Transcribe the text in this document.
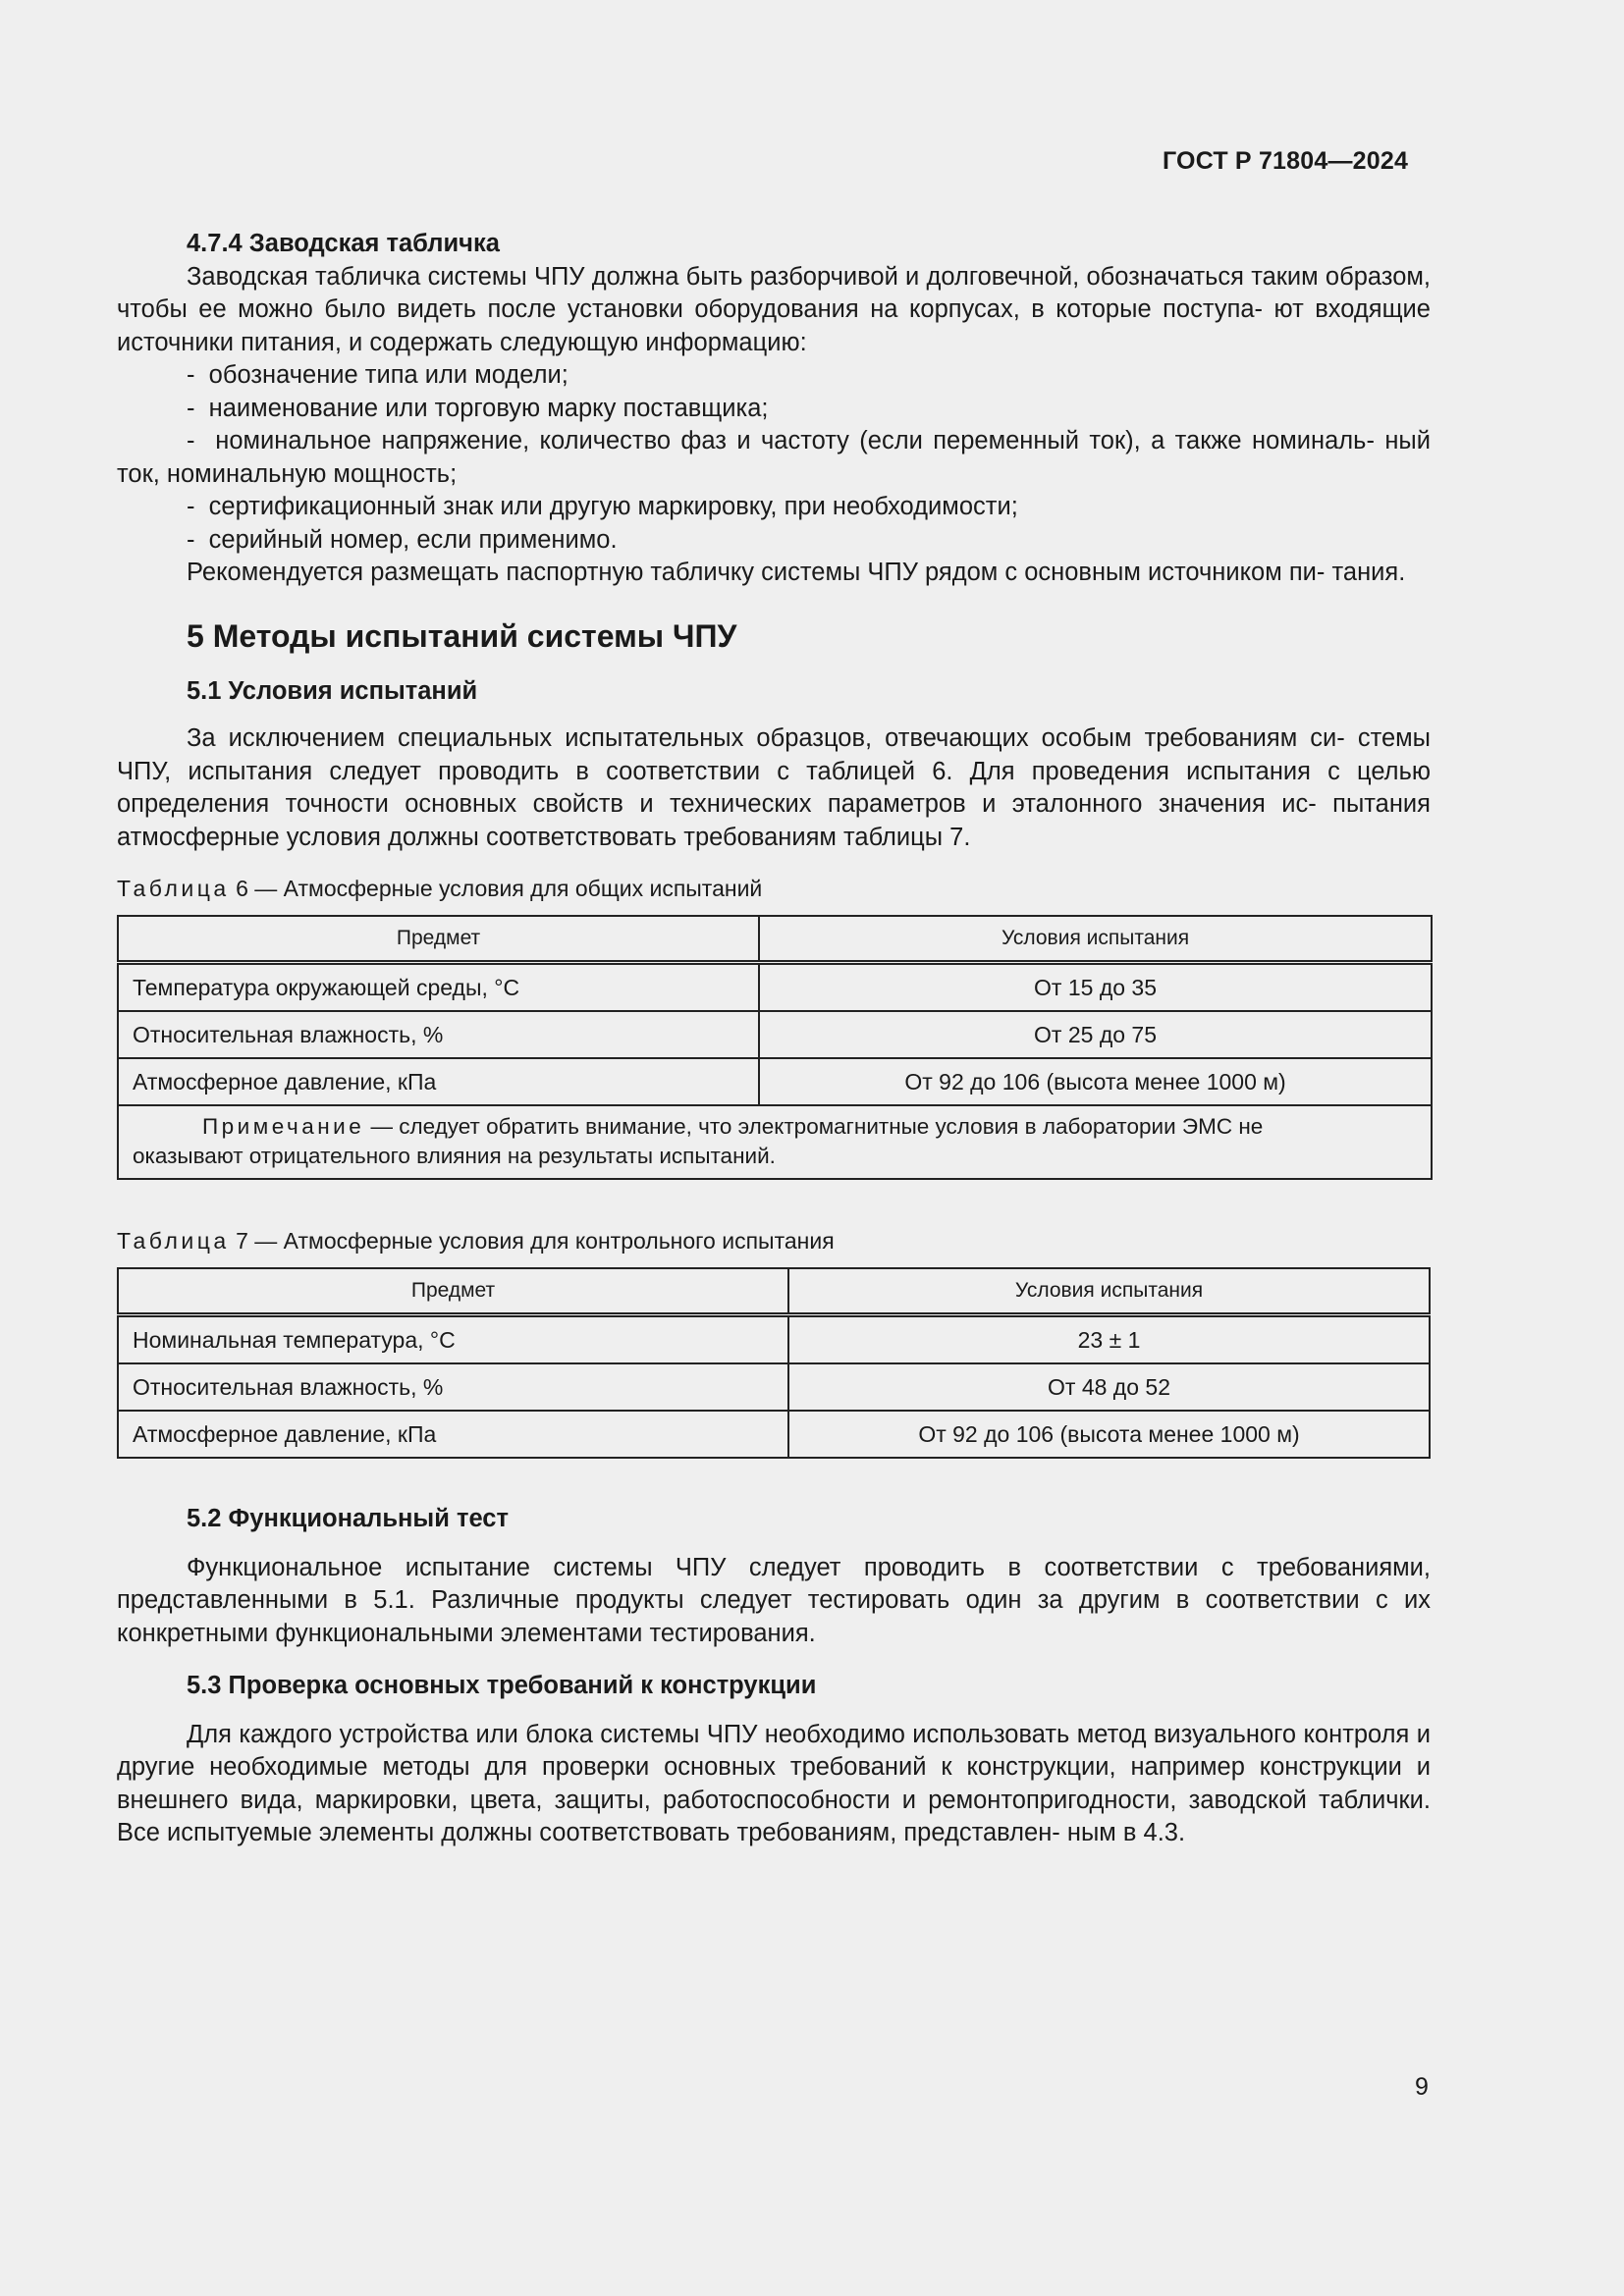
ГОСТ Р 71804—2024
4.7.4 Заводская табличка

Заводская табличка системы ЧПУ должна быть разборчивой и долговечной, обозначаться таким образом, чтобы ее можно было видеть после установки оборудования на корпусах, в которые поступа- ют входящие источники питания, и содержать следующую информацию:

- обозначение типа или модели;

- наименование или торговую марку поставщика;

- номинальное напряжение, количество фаз и частоту (если переменный ток), а также номиналь- ный ток, номинальную мощность;

- сертификационный знак или другую маркировку, при необходимости;

- серийный номер, если применимо.

Рекомендуется размещать паспортную табличку системы ЧПУ рядом с основным источником пи- тания.

5 Методы испытаний системы ЧПУ
5.1 Условия испытаний

За исключением специальных испытательных образцов, отвечающих особым требованиям си- стемы ЧПУ, испытания следует проводить в соответствии с таблицей 6. Для проведения испытания с целью определения точности основных свойств и технических параметров и эталонного значения ис- пытания атмосферные условия должны соответствовать требованиям таблицы 7.

Таблица 6 — Атмосферные условия для общих испытаний
Предмет	Условия испытания
Температура окружающей среды, °С	От 15 до 35
Относительная влажность, %	От 25 до 75
Атмосферное давление, кПа	От 92 до 106 (высота менее 1000 м)
Примечание — следует обратить внимание, что электромагнитные условия в лаборатории ЭМС не
оказывают отрицательного влияния на результаты испытаний.	
Таблица 7 — Атмосферные условия для контрольного испытания
Предмет	Условия испытания
Номинальная температура, °С	23 ± 1
Относительная влажность, %	От 48 до 52
Атмосферное давление, кПа	От 92 до 106 (высота менее 1000 м)
5.2 Функциональный тест

Функциональное испытание системы ЧПУ следует проводить в соответствии с требованиями, представленными в 5.1. Различные продукты следует тестировать один за другим в соответствии с их конкретными функциональными элементами тестирования.

5.3 Проверка основных требований к конструкции

Для каждого устройства или блока системы ЧПУ необходимо использовать метод визуального контроля и другие необходимые методы для проверки основных требований к конструкции, например конструкции и внешнего вида, маркировки, цвета, защиты, работоспособности и ремонтопригодности, заводской таблички. Все испытуемые элементы должны соответствовать требованиям, представлен- ным в 4.3.

9
